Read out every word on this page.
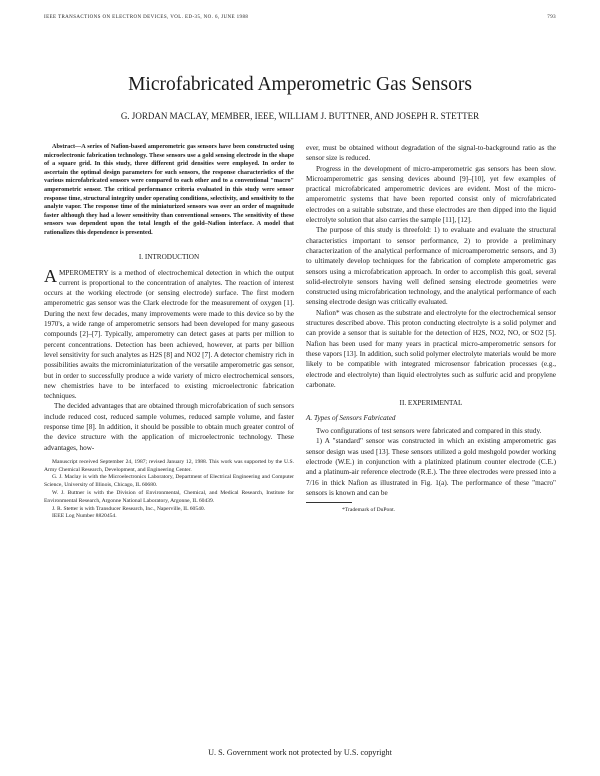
IEEE TRANSACTIONS ON ELECTRON DEVICES, VOL. ED-35, NO. 6, JUNE 1988	793
Microfabricated Amperometric Gas Sensors
G. JORDAN MACLAY, MEMBER, IEEE, WILLIAM J. BUTTNER, AND JOSEPH R. STETTER

Abstract—A series of Nafion-based amperometric gas sensors have been constructed using microelectronic fabrication technology. These sensors use a gold sensing electrode in the shape of a square grid. In this study, three different grid densities were employed. In order to ascertain the optimal design parameters for such sensors, the response characteristics of the various microfabricated sensors were compared to each other and to a conventional "macro" amperometric sensor. The critical performance criteria evaluated in this study were sensor response time, structural integrity under operating conditions, selectivity, and sensitivity to the analyte vapor. The response time of the miniaturized sensors was over an order of magnitude faster although they had a lower sensitivity than conventional sensors. The sensitivity of these sensors was dependent upon the total length of the gold–Nafion interface. A model that rationalizes this dependence is presented.

I. INTRODUCTION

AMPEROMETRY is a method of electrochemical detection in which the output current is proportional to the concentration of analytes. The reaction of interest occurs at the working electrode (or sensing electrode) surface. The first modern amperometric gas sensor was the Clark electrode for the measurement of oxygen [1]. During the next few decades, many improvements were made to this device so by the 1970's, a wide range of amperometric sensors had been developed for many gaseous compounds [2]–[7]. Typically, amperometry can detect gases at parts per million to percent concentrations. Detection has been achieved, however, at parts per billion level sensitivity for such analytes as H2S [8] and NO2 [7]. A detector chemistry rich in possibilities awaits the microminiaturization of the versatile amperometric gas sensor, but in order to successfully produce a wide variety of micro electrochemical sensors, new chemistries have to be interfaced to existing microelectronic fabrication techniques.

The decided advantages that are obtained through microfabrication of such sensors include reduced cost, reduced sample volumes, reduced sample volume, and faster response time [8]. In addition, it should be possible to obtain much greater control of the device structure with the application of microelectronic technology. These advantages, how-

Manuscript received September 24, 1987; revised January 12, 1988. This work was supported by the U.S. Army Chemical Research, Development, and Engineering Center.

G. J. Maclay is with the Microelectronics Laboratory, Department of Electrical Engineering and Computer Science, University of Illinois, Chicago, IL 60680.

W. J. Buttner is with the Division of Environmental, Chemical, and Medical Research, Institute for Environmental Research, Argonne National Laboratory, Argonne, IL 60439.

J. R. Stetter is with Transducer Research, Inc., Naperville, IL 60540.

IEEE Log Number 8820454.

ever, must be obtained without degradation of the signal-to-background ratio as the sensor size is reduced.

Progress in the development of micro-amperometric gas sensors has been slow. Microamperometric gas sensing devices abound [9]–[10], yet few examples of practical microfabricated amperometric devices are evident. Most of the micro-amperometric systems that have been reported consist only of microfabricated electrodes on a suitable substrate, and these electrodes are then dipped into the liquid electrolyte solution that also carries the sample [11], [12].

The purpose of this study is threefold: 1) to evaluate and evaluate the structural characteristics important to sensor performance, 2) to provide a preliminary characterization of the analytical performance of microamperometric sensors, and 3) to ultimately develop techniques for the fabrication of complete amperometric gas sensors using a microfabrication approach. In order to accomplish this goal, several solid-electrolyte sensors having well defined sensing electrode geometries were constructed using microfabrication technology, and the analytical performance of each sensing electrode design was critically evaluated.

Nafion* was chosen as the substrate and electrolyte for the electrochemical sensor structures described above. This proton conducting electrolyte is a solid polymer and can provide a sensor that is suitable for the detection of H2S, NO2, NO, or SO2 [5]. Nafion has been used for many years in practical micro-amperometric sensors for these vapors [13]. In addition, such solid polymer electrolyte materials would be more likely to be compatible with integrated microsensor fabrication processes (e.g., electrode and electrolyte) than liquid electrolytes such as sulfuric acid and propylene carbonate.

II. EXPERIMENTAL

A. Types of Sensors Fabricated

Two configurations of test sensors were fabricated and compared in this study.

1) A "standard" sensor was constructed in which an existing amperometric gas sensor design was used [13]. These sensors utilized a gold meshgold powder working electrode (W.E.) in conjunction with a platinized platinum counter electrode (C.E.) and a platinum-air reference electrode (R.E.). The three electrodes were pressed into a 7/16 in thick Nafion as illustrated in Fig. 1(a). The performance of these "macro" sensors is known and can be

*Trademark of DuPont.

U. S. Government work not protected by U.S. copyright
